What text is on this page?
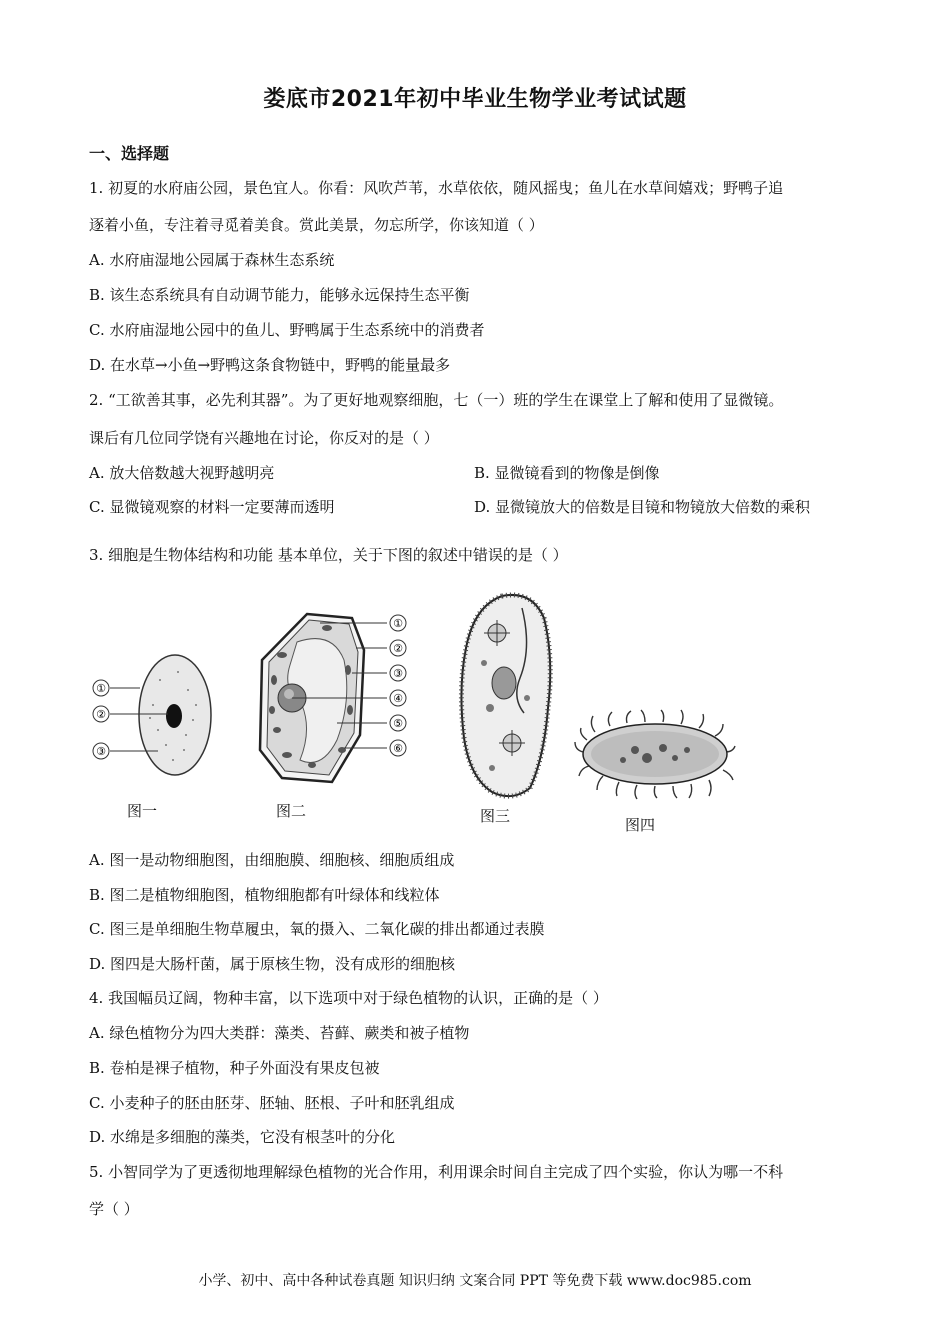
娄底市2021年初中毕业生物学业考试试题
一、选择题
1. 初夏的水府庙公园，景色宜人。你看：风吹芦苇，水草依依，随风摇曳；鱼儿在水草间嬉戏；野鸭子追
逐着小鱼，专注着寻觅着美食。赏此美景，勿忘所学，你该知道（ ）
A. 水府庙湿地公园属于森林生态系统
B. 该生态系统具有自动调节能力，能够永远保持生态平衡
C. 水府庙湿地公园中的鱼儿、野鸭属于生态系统中的消费者
D. 在水草→小鱼→野鸭这条食物链中，野鸭的能量最多
2. “工欲善其事，必先利其器”。为了更好地观察细胞，七（一）班的学生在课堂上了解和使用了显微镜。
课后有几位同学饶有兴趣地在讨论，你反对的是（ ）
A. 放大倍数越大视野越明亮	B. 显微镜看到的物像是倒像
C. 显微镜观察的材料一定要薄而透明	D. 显微镜放大的倍数是目镜和物镜放大倍数的乘积
3. 细胞是生物体结构和功能 基本单位，关于下图的叙述中错误的是（ ）
①
②
③
图一
①
②
③
④
⑤
⑥
图二	图三	图四
A. 图一是动物细胞图，由细胞膜、细胞核、细胞质组成
B. 图二是植物细胞图，植物细胞都有叶绿体和线粒体
C. 图三是单细胞生物草履虫，氧的摄入、二氧化碳的排出都通过表膜
D. 图四是大肠杆菌，属于原核生物，没有成形的细胞核
4. 我国幅员辽阔，物种丰富，以下选项中对于绿色植物的认识，正确的是（ ）
A. 绿色植物分为四大类群：藻类、苔藓、蕨类和被子植物
B. 卷柏是裸子植物，种子外面没有果皮包被
C. 小麦种子的胚由胚芽、胚轴、胚根、子叶和胚乳组成
D. 水绵是多细胞的藻类，它没有根茎叶的分化
5. 小智同学为了更透彻地理解绿色植物的光合作用，利用课余时间自主完成了四个实验，你认为哪一不科
学（ ）
小学、初中、高中各种试卷真题 知识归纳 文案合同 PPT 等免费下载 www.doc985.com
